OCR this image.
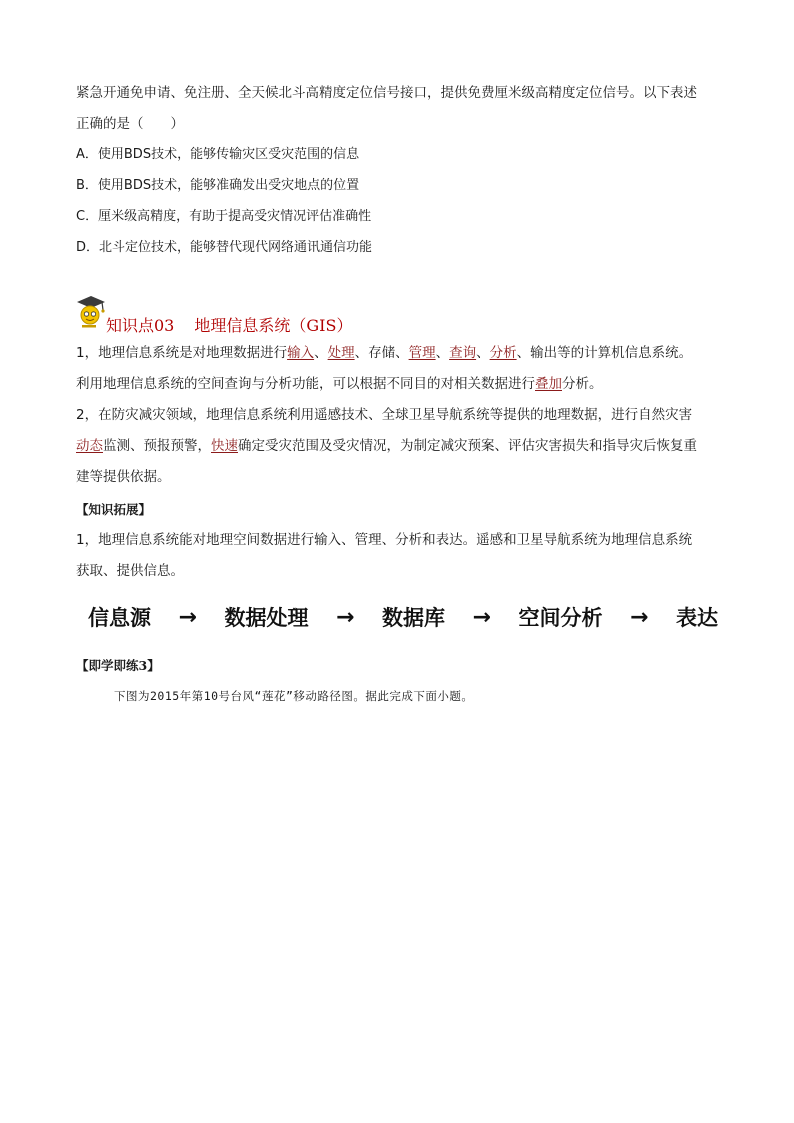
紧急开通免申请、免注册、全天候北斗高精度定位信号接口，提供免费厘米级高精度定位信号。以下表述
正确的是（　　）
A．使用BDS技术，能够传输灾区受灾范围的信息
B．使用BDS技术，能够准确发出受灾地点的位置
C．厘米级高精度，有助于提高受灾情况评估准确性
D．北斗定位技术，能够替代现代网络通讯通信功能
知识点03 地理信息系统（GIS）
1，地理信息系统是对地理数据进行输入、处理、存储、管理、查询、分析、输出等的计算机信息系统。
利用地理信息系统的空间查询与分析功能，可以根据不同目的对相关数据进行叠加分析。
2，在防灾减灾领域，地理信息系统利用遥感技术、全球卫星导航系统等提供的地理数据，进行自然灾害
动态监测、预报预警，快速确定受灾范围及受灾情况，为制定减灾预案、评估灾害损失和指导灾后恢复重
建等提供依据。
【知识拓展】
1，地理信息系统能对地理空间数据进行输入、管理、分析和表达。遥感和卫星导航系统为地理信息系统
获取、提供信息。
信息源 → 数据处理 → 数据库 → 空间分析 → 表达
【即学即练3】
下图为2015年第10号台风“莲花”移动路径图。据此完成下面小题。
